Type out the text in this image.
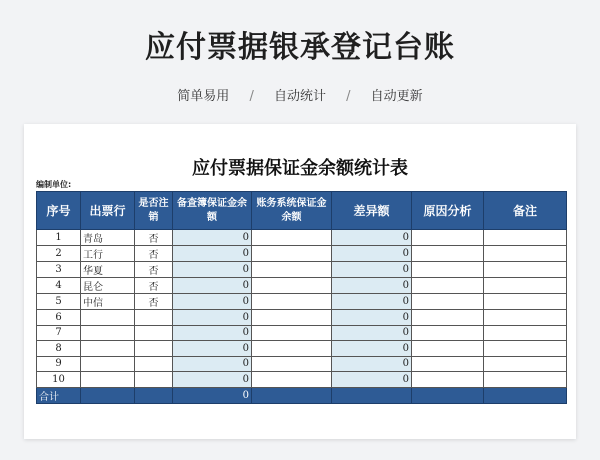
应付票据银承登记台账
简单易用 / 自动统计 / 自动更新
应付票据保证金余额统计表
编制单位:
序号	出票行	是否注销	备查簿保证金余额	账务系统保证金余额	差异额	原因分析	备注
1	青岛	否	0		0		
2	工行	否	0		0		
3	华夏	否	0		0		
4	昆仑	否	0		0		
5	中信	否	0		0		
6			0		0		
7			0		0		
8			0		0		
9			0		0		
10			0		0		
合计			0				
